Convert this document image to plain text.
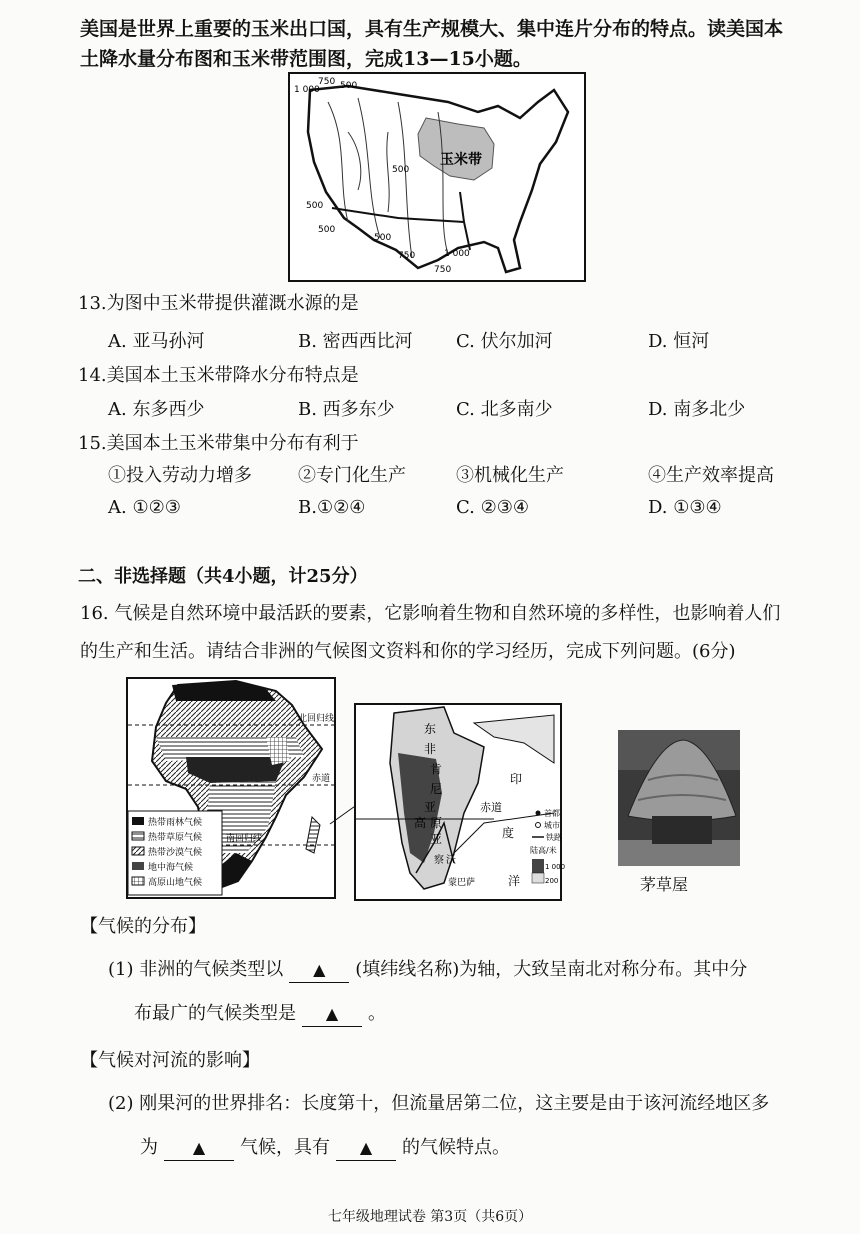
美国是世界上重要的玉米出口国，具有生产规模大、集中连片分布的特点。读美国本土降水量分布图和玉米带范围图，完成13—15小题。
1 000
750 500
500
500
500
500
750	1 000
750
玉米带
13.为图中玉米带提供灌溉水源的是
A. 亚马孙河	B. 密西西比河 C. 伏尔加河	D. 恒河
14.美国本土玉米带降水分布特点是
A. 东多西少	B. 西多东少	C. 北多南少	D. 南多北少
15.美国本土玉米带集中分布有利于
①投入劳动力增多	②专门化生产	③机械化生产	④生产效率提高
A. ①②③	B.①②④	C. ②③④	D. ①③④
二、非选择题（共4小题，计25分）
16. 气候是自然环境中最活跃的要素，它影响着生物和自然环境的多样性，也影响着人们
的生产和生活。请结合非洲的气候图文资料和你的学习经历，完成下列问题。(6分)
北回归线
赤道
南回归线
热带雨林气候
热带草原气候
热带沙漠气候
地中海气候
高原山地气候
东
非
肯
尼
亚
高 原
亚
察 沃
赤道
印
度
洋
蒙巴萨
首都
城市
铁路
陆高/米
1 000
200	茅草屋
【气候的分布】
(1) 非洲的气候类型以 ▲ (填纬线名称)为轴，大致呈南北对称分布。其中分
布最广的气候类型是 ▲ 。
【气候对河流的影响】
(2) 刚果河的世界排名：长度第十，但流量居第二位，这主要是由于该河流经地区多
为 ▲ 气候，具有 ▲ 的气候特点。
七年级地理试卷 第3页（共6页）
